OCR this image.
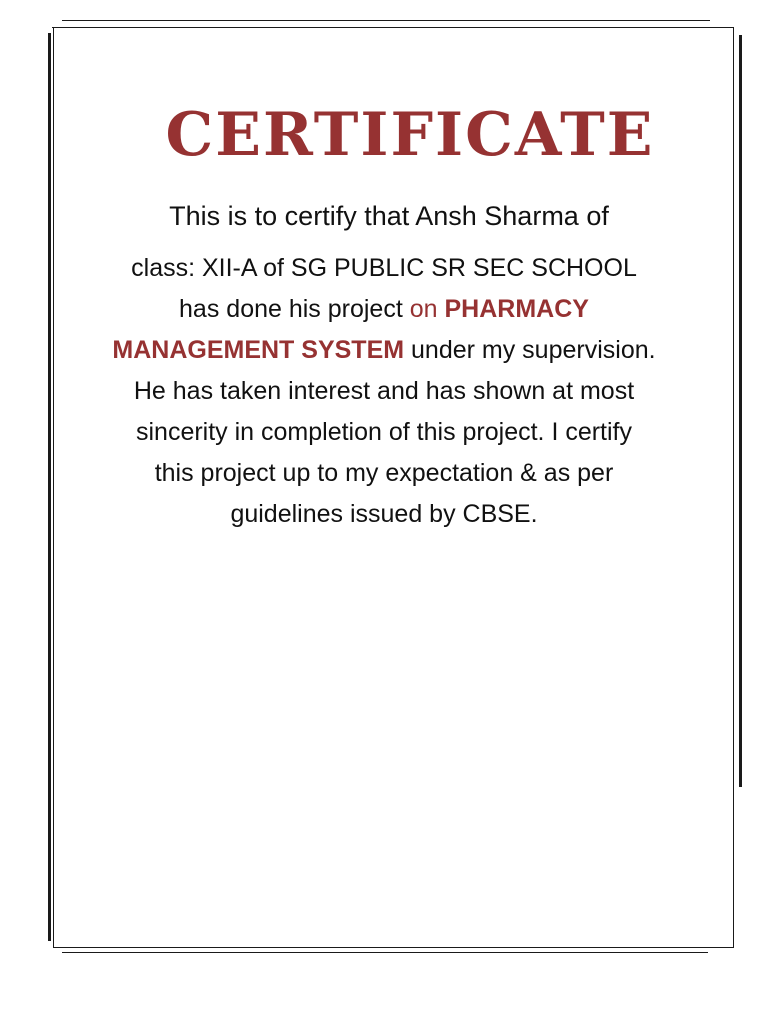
CERTIFICATE
This is to certify that Ansh Sharma of
class: XII-A of SG PUBLIC SR SEC SCHOOL
has done his project on PHARMACY
MANAGEMENT SYSTEM under my supervision.
He has taken interest and has shown at most
sincerity in completion of this project. I certify
this project up to my expectation & as per
guidelines issued by CBSE.
